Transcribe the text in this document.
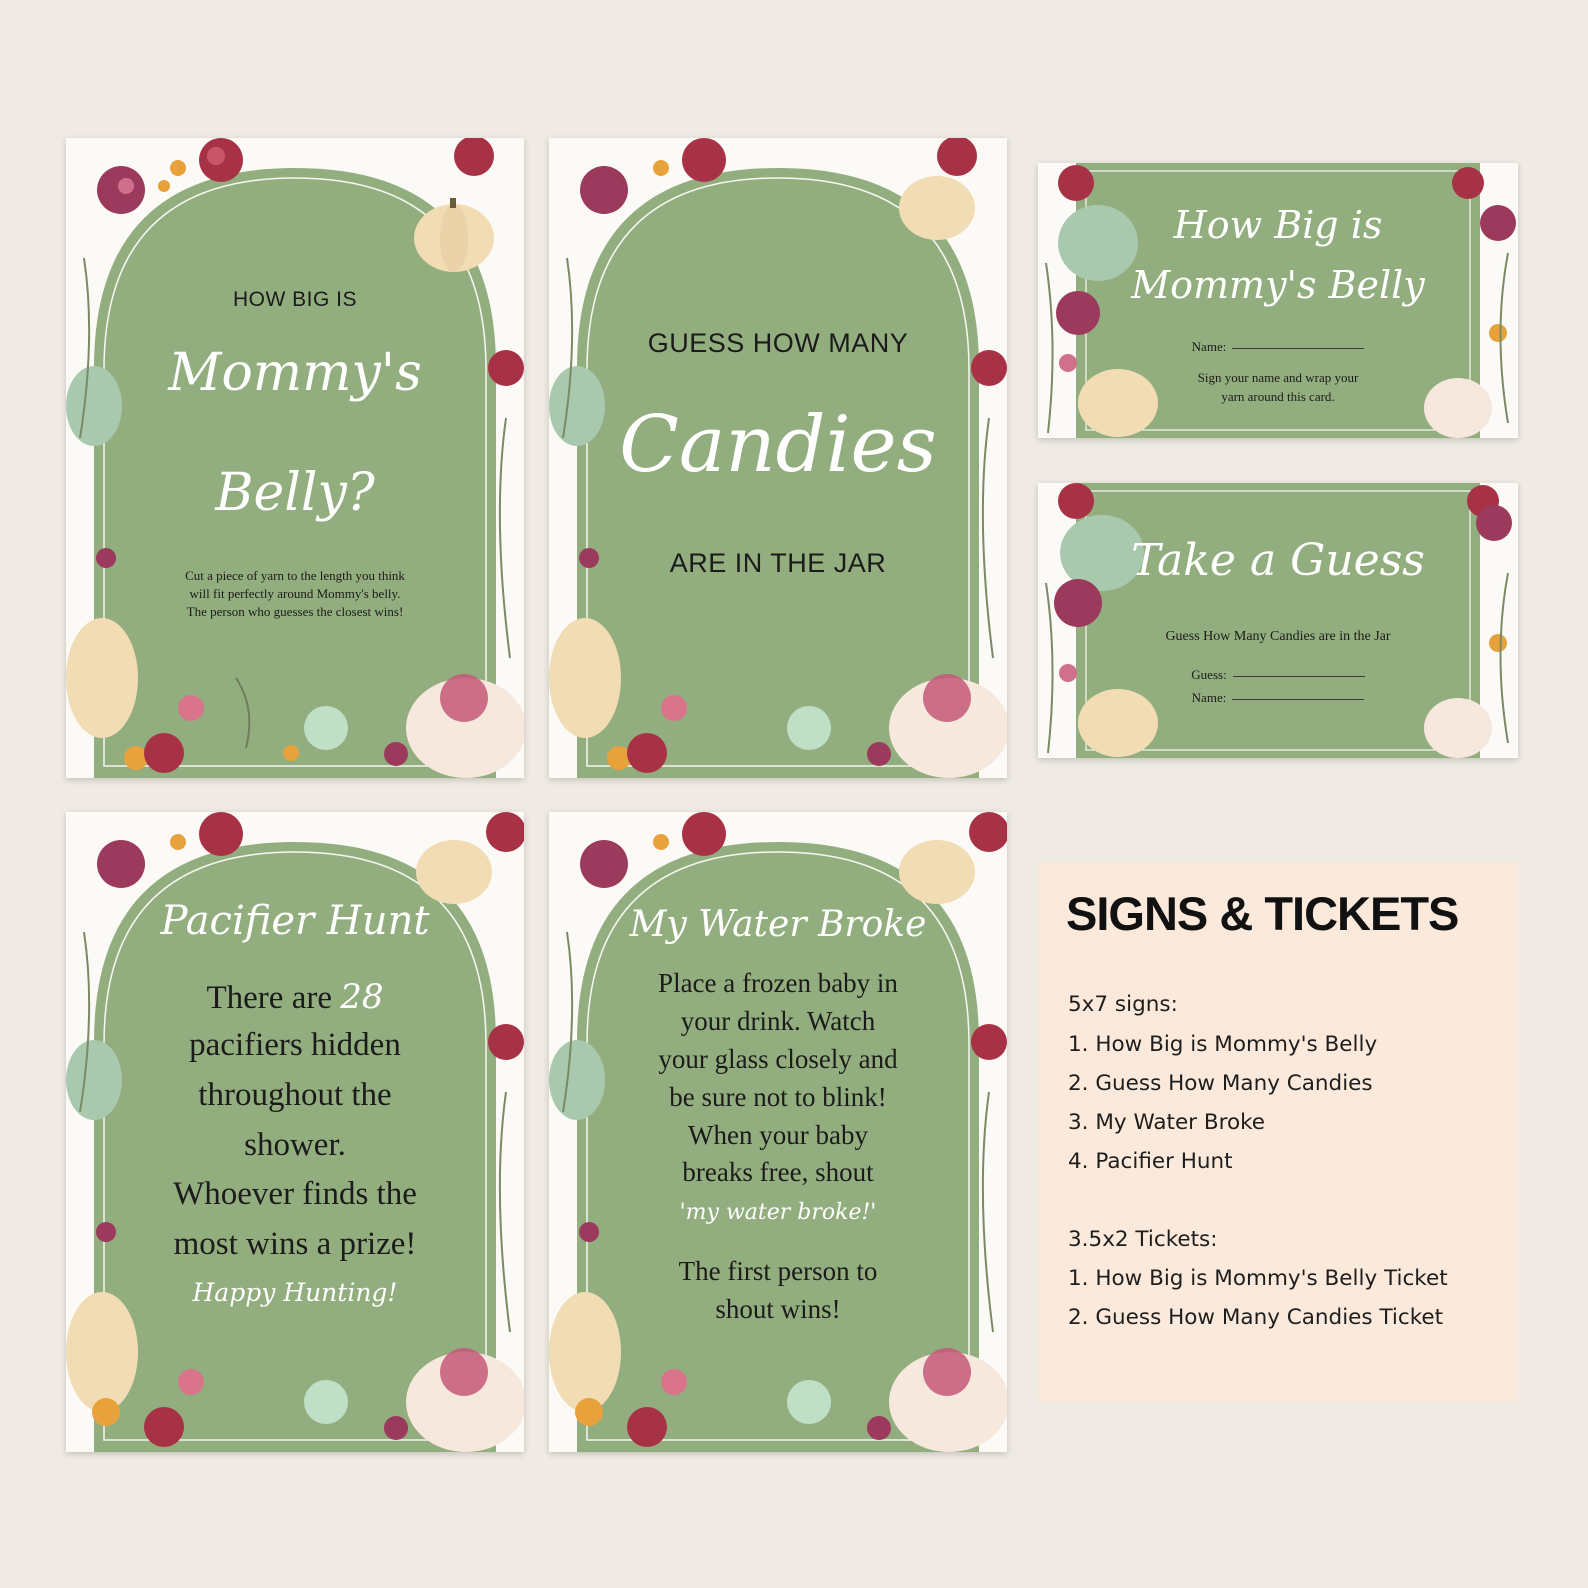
HOW BIG IS
Mommy's
Belly?
Cut a piece of yarn to the length you think
will fit perfectly around Mommy's belly.
The person who guesses the closest wins!
GUESS HOW MANY
Candies
ARE IN THE JAR
How Big is
Mommy's Belly
Name:
Sign your name and wrap your
yarn around this card.
Take a Guess
Guess How Many Candies are in the Jar
Guess:
Name:
Pacifier Hunt
There are 28
pacifiers hidden
throughout the
shower.
Whoever finds the
most wins a prize!
Happy Hunting!
My Water Broke
Place a frozen baby in
your drink. Watch
your glass closely and
be sure not to blink!
When your baby
breaks free, shout
'my water broke!'
The first person to
shout wins!
SIGNS & TICKETS
5x7 signs:
1. How Big is Mommy's Belly
2. Guess How Many Candies
3. My Water Broke
4. Pacifier Hunt
3.5x2 Tickets:
1. How Big is Mommy's Belly Ticket
2. Guess How Many Candies Ticket
